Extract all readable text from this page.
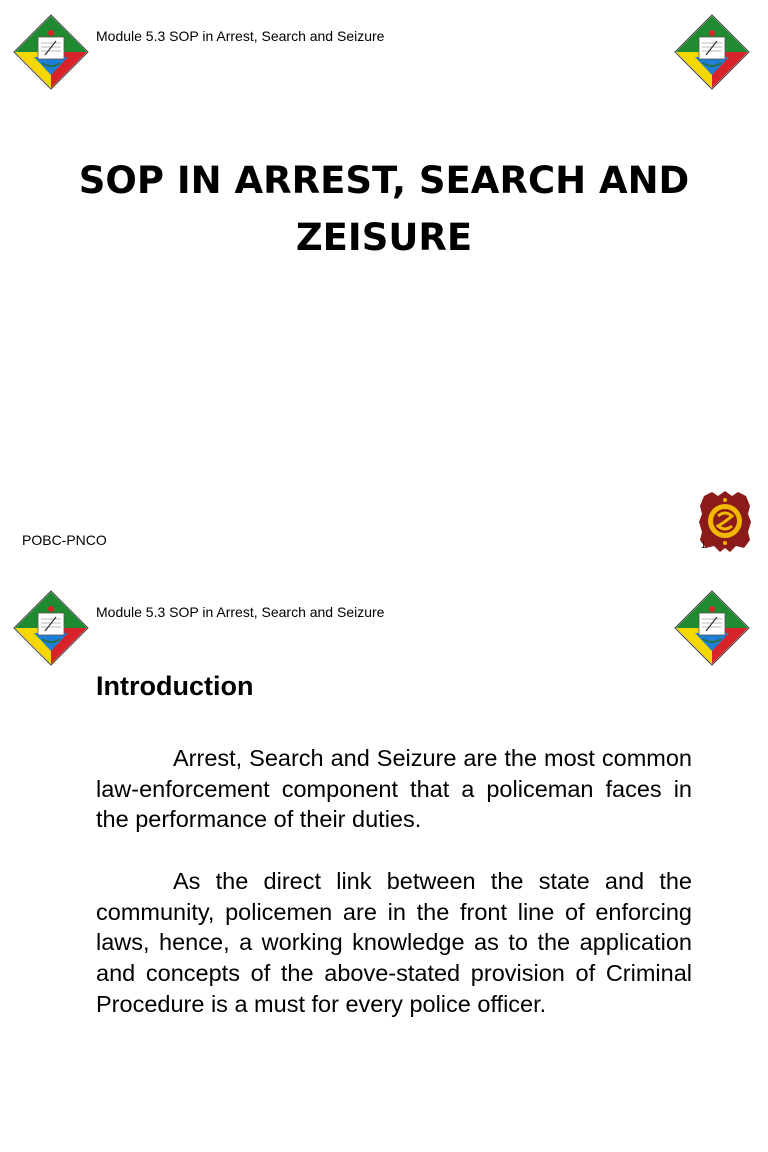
Module 5.3 SOP in Arrest, Search and Seizure
SOP IN ARREST, SEARCH AND
ZEISURE
POBC-PNCO	1
Module 5.3 SOP in Arrest, Search and Seizure
Introduction

Arrest, Search and Seizure are the most common law-enforcement component that a policeman faces in the performance of their duties.

As the direct link between the state and the community, policemen are in the front line of enforcing laws, hence, a working knowledge as to the application and concepts of the above-stated provision of Criminal Procedure is a must for every police officer.
